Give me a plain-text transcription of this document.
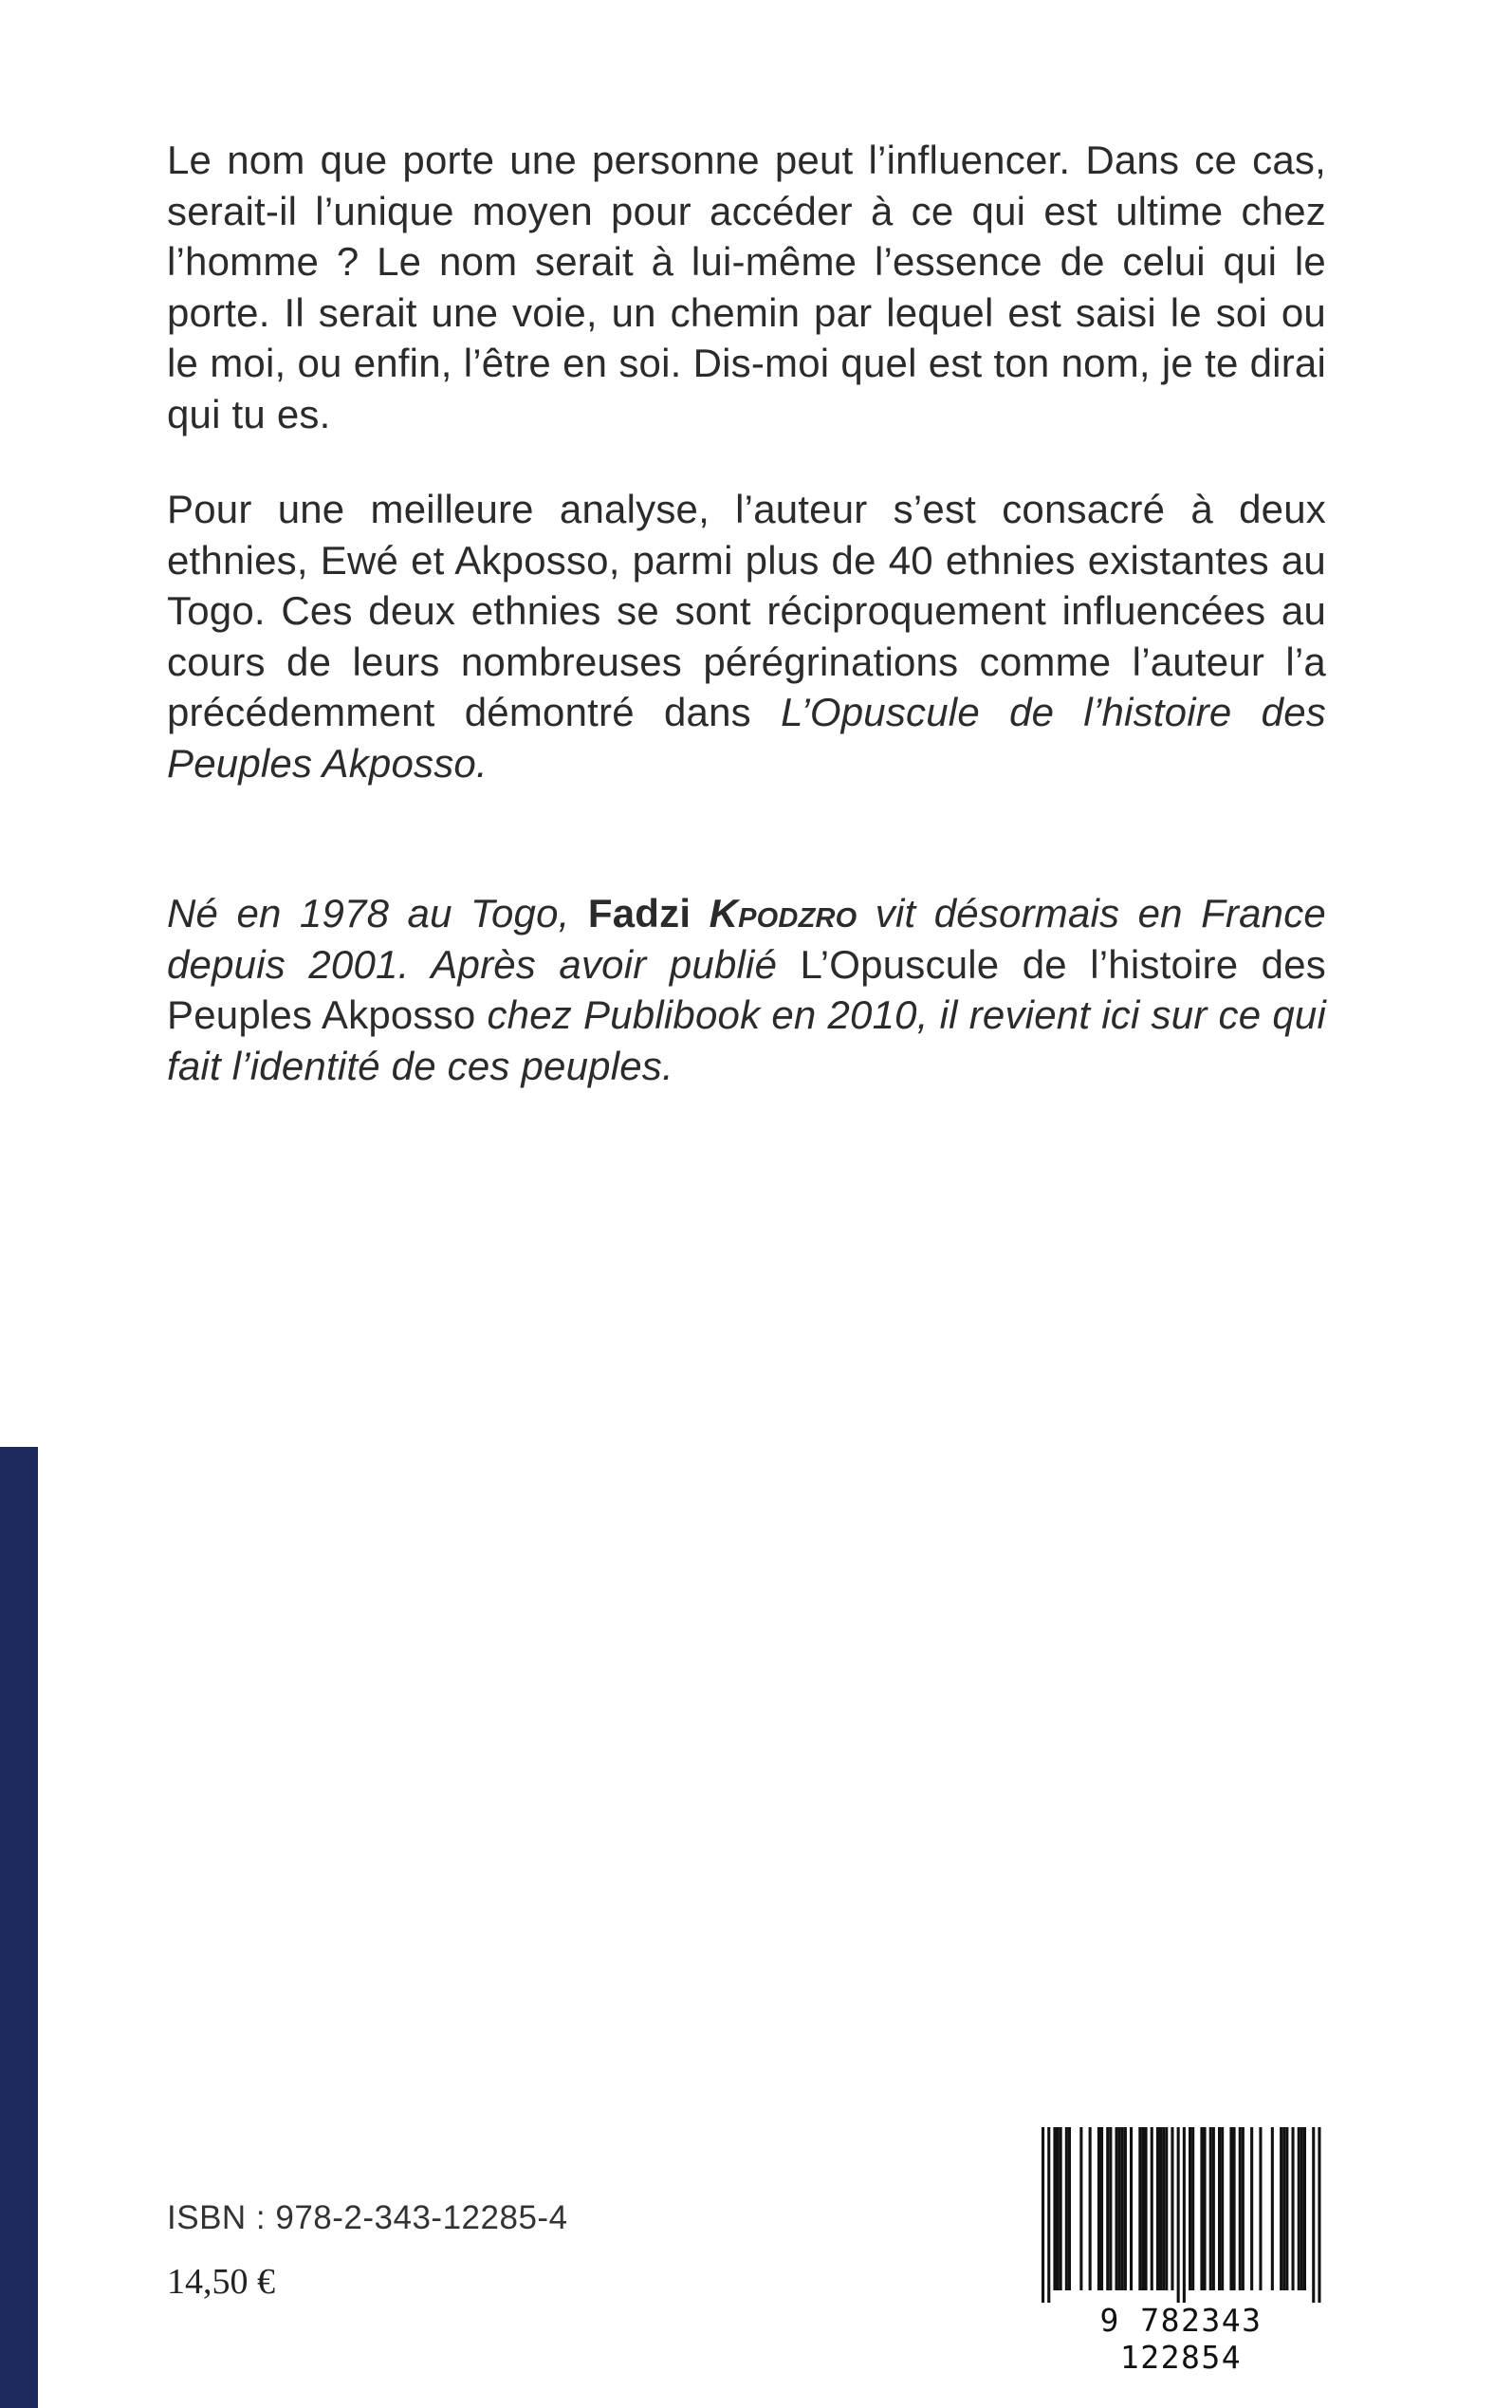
Le nom que porte une personne peut l’influencer. Dans ce cas, serait-il l’unique moyen pour accéder à ce qui est ultime chez l’homme ? Le nom serait à lui-même l’essence de celui qui le porte. Il serait une voie, un chemin par lequel est saisi le soi ou le moi, ou enfin, l’être en soi. Dis-moi quel est ton nom, je te dirai qui tu es.

Pour une meilleure analyse, l’auteur s’est consacré à deux ethnies, Ewé et Akposso, parmi plus de 40 ethnies existantes au Togo. Ces deux ethnies se sont réciproquement influencées au cours de leurs nombreuses pérégrinations comme l’auteur l’a précédemment démontré dans L’Opuscule de l’histoire des Peuples Akposso.

Né en 1978 au Togo, Fadzi Kpodzro vit désormais en France depuis 2001. Après avoir publié L’Opuscule de l’histoire des Peuples Akposso chez Publibook en 2010, il revient ici sur ce qui fait l’identité de ces peuples.

ISBN : 978-2-343-12285-4
14,50 €
9 782343 122854
